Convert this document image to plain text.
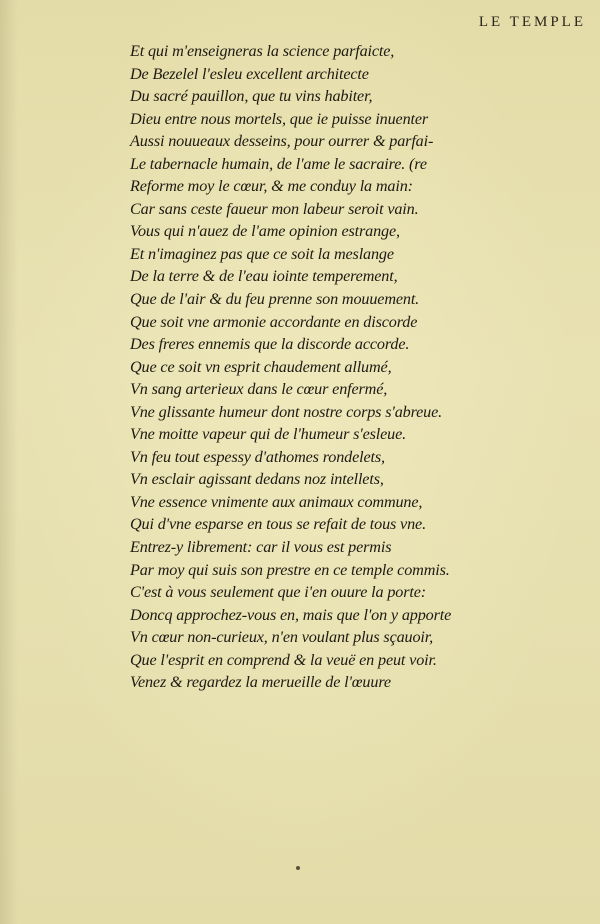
LE TEMPLE
Et qui m'enseigneras la science parfaicte,
De Bezelel l'esleu excellent architecte
Du sacré pauillon, que tu vins habiter,
Dieu entre nous mortels, que ie puisse inuenter
Aussi nouueaux desseins, pour ourrer & parfai-
Le tabernacle humain, de l'ame le sacraire. (re
Reforme moy le cœur, & me conduy la main:
Car sans ceste faueur mon labeur seroit vain.
Vous qui n'auez de l'ame opinion estrange,
Et n'imaginez pas que ce soit la meslange
De la terre & de l'eau iointe temperement,
Que de l'air & du feu prenne son mouuement.
Que soit vne armonie accordante en discorde
Des freres ennemis que la discorde accorde.
Que ce soit vn esprit chaudement allumé,
Vn sang arterieux dans le cœur enfermé,
Vne glissante humeur dont nostre corps s'abreue.
Vne moitte vapeur qui de l'humeur s'esleue.
Vn feu tout espessy d'athomes rondelets,
Vn esclair agissant dedans noz intellets,
Vne essence vnimente aux animaux commune,
Qui d'vne esparse en tous se refait de tous vne.
Entrez-y librement: car il vous est permis
Par moy qui suis son prestre en ce temple commis.
C'est à vous seulement que i'en ouure la porte:
Doncq approchez-vous en, mais que l'on y apporte
Vn cœur non-curieux, n'en voulant plus sçauoir,
Que l'esprit en comprend & la veuë en peut voir.
Venez & regardez la merueille de l'œuure
